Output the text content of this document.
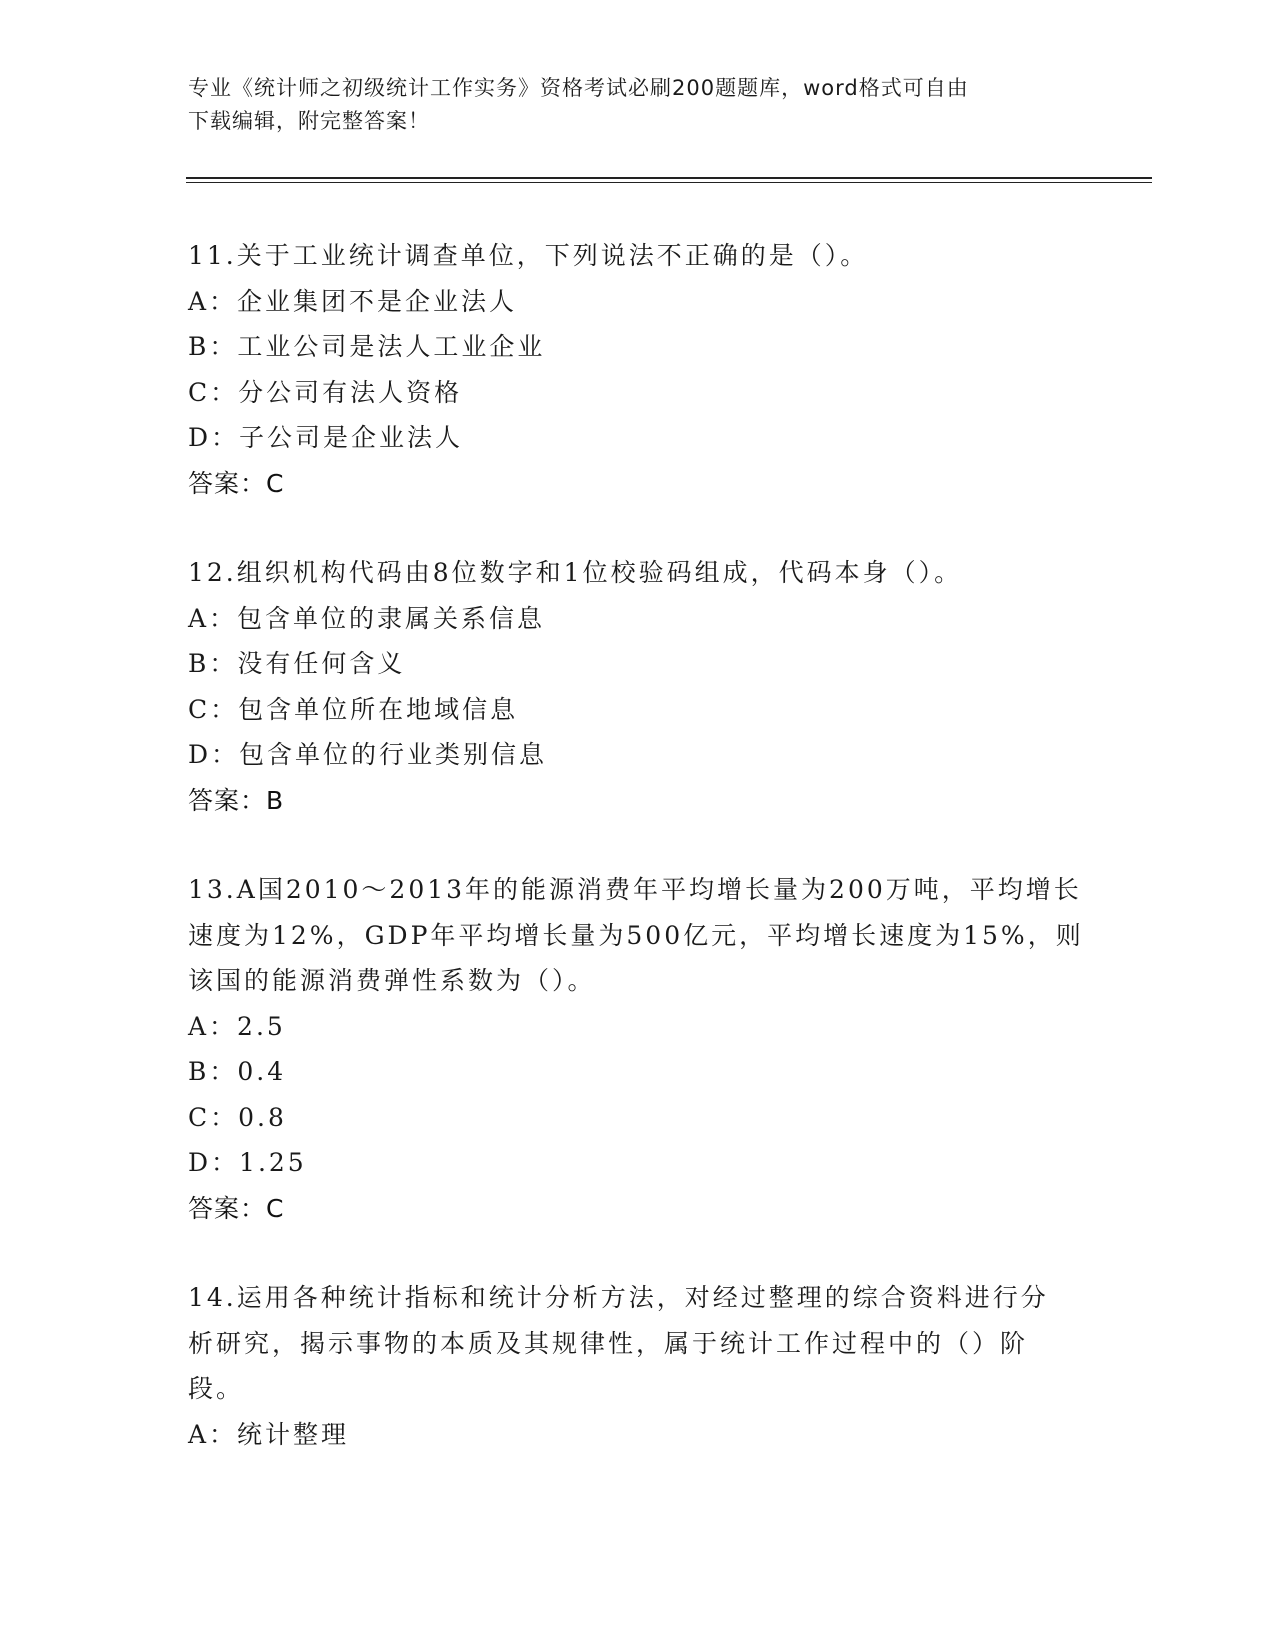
专业《统计师之初级统计工作实务》资格考试必刷200题题库，word格式可自由
下载编辑，附完整答案！

11.关于工业统计调查单位，下列说法不正确的是（）。

A：企业集团不是企业法人

B：工业公司是法人工业企业

C：分公司有法人资格

D：子公司是企业法人

答案：C

12.组织机构代码由8位数字和1位校验码组成，代码本身（）。

A：包含单位的隶属关系信息

B：没有任何含义

C：包含单位所在地域信息

D：包含单位的行业类别信息

答案：B

13.A国2010～2013年的能源消费年平均增长量为200万吨，平均增长

速度为12%，GDP年平均增长量为500亿元，平均增长速度为15%，则

该国的能源消费弹性系数为（）。

A：2.5

B：0.4

C：0.8

D：1.25

答案：C

14.运用各种统计指标和统计分析方法，对经过整理的综合资料进行分

析研究，揭示事物的本质及其规律性，属于统计工作过程中的（）阶

段。

A：统计整理
